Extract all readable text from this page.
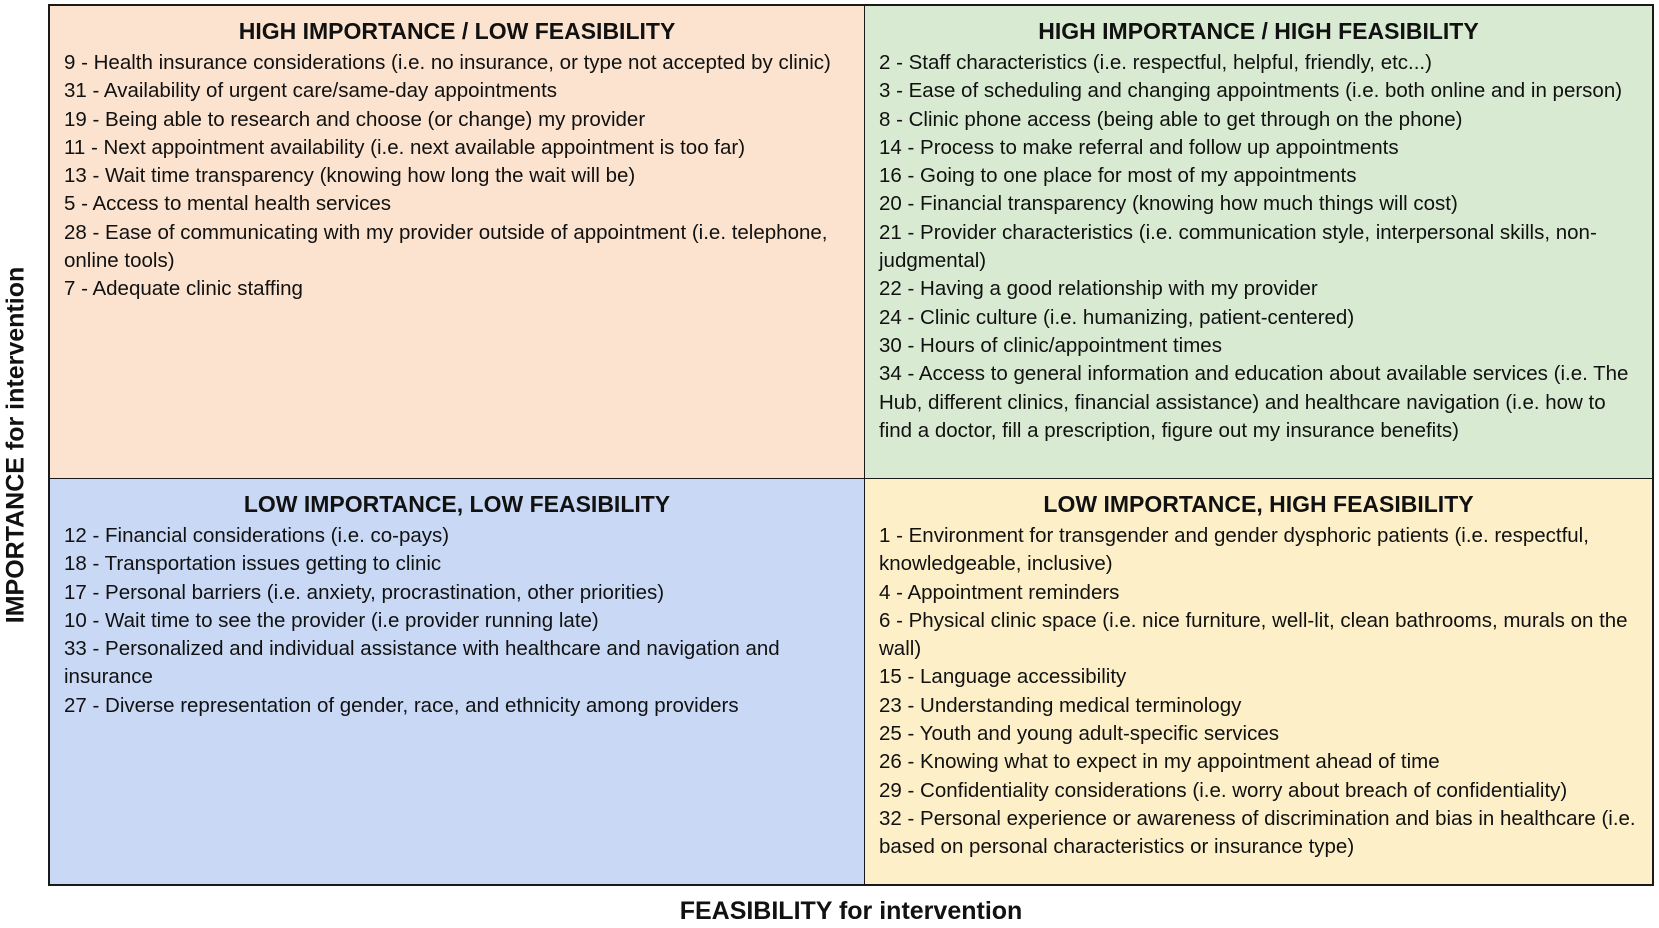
IMPORTANCE for intervention
HIGH IMPORTANCE / LOW FEASIBILITY
9 - Health insurance considerations (i.e. no insurance, or type not accepted by clinic)
31 - Availability of urgent care/same-day appointments
19 - Being able to research and choose (or change) my provider
11 - Next appointment availability (i.e. next available appointment is too far)
13 - Wait time transparency (knowing how long the wait will be)
5 - Access to mental health services
28 - Ease of communicating with my provider outside of appointment (i.e. telephone, online tools)
7 - Adequate clinic staffing
HIGH IMPORTANCE / HIGH FEASIBILITY
2 - Staff characteristics (i.e. respectful, helpful, friendly, etc...)
3 - Ease of scheduling and changing appointments (i.e. both online and in person)
8 - Clinic phone access (being able to get through on the phone)
14 - Process to make referral and follow up appointments
16 - Going to one place for most of my appointments
20 - Financial transparency (knowing how much things will cost)
21 - Provider characteristics (i.e. communication style, interpersonal skills, non-judgmental)
22 - Having a good relationship with my provider
24 - Clinic culture (i.e. humanizing, patient-centered)
30 - Hours of clinic/appointment times
34 - Access to general information and education about available services (i.e. The Hub, different clinics, financial assistance) and healthcare navigation (i.e. how to find a doctor, fill a prescription, figure out my insurance benefits)
LOW IMPORTANCE, LOW FEASIBILITY
12 - Financial considerations (i.e. co-pays)
18 - Transportation issues getting to clinic
17 - Personal barriers (i.e. anxiety, procrastination, other priorities)
10 - Wait time to see the provider (i.e provider running late)
33 - Personalized and individual assistance with healthcare and navigation and insurance
27 - Diverse representation of gender, race, and ethnicity among providers
LOW IMPORTANCE, HIGH FEASIBILITY
1 - Environment for transgender and gender dysphoric patients (i.e. respectful, knowledgeable, inclusive)
4 - Appointment reminders
6 - Physical clinic space (i.e. nice furniture, well-lit, clean bathrooms, murals on the wall)
15 - Language accessibility
23 - Understanding medical terminology
25 - Youth and young adult-specific services
26 - Knowing what to expect in my appointment ahead of time
29 - Confidentiality considerations (i.e. worry about breach of confidentiality)
32 - Personal experience or awareness of discrimination and bias in healthcare (i.e. based on personal characteristics or insurance type)
FEASIBILITY for intervention
